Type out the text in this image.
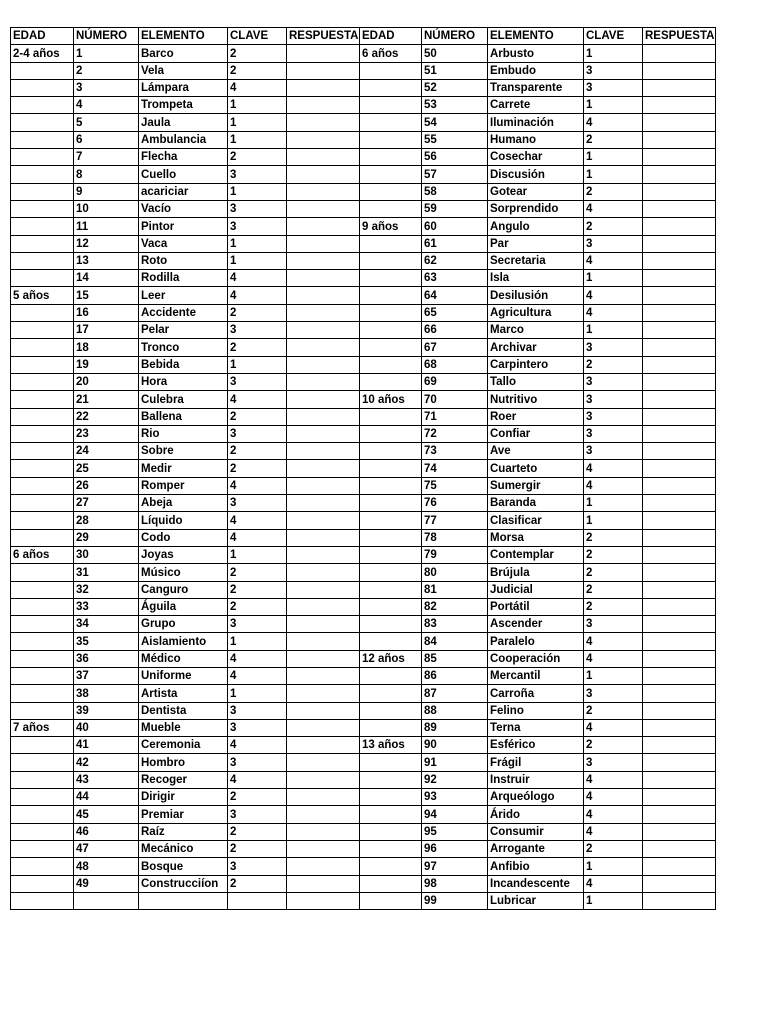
EDAD	NÚMERO	ELEMENTO	CLAVE	RESPUESTA	EDAD	NÚMERO	ELEMENTO	CLAVE	RESPUESTA
2-4 años	1	Barco	2		6 años	50	Arbusto	1	
	2	Vela	2			51	Embudo	3	
	3	Lámpara	4			52	Transparente	3	
	4	Trompeta	1			53	Carrete	1	
	5	Jaula	1			54	Iluminación	4	
	6	Ambulancia	1			55	Humano	2	
	7	Flecha	2			56	Cosechar	1	
	8	Cuello	3			57	Discusión	1	
	9	acariciar	1			58	Gotear	2	
	10	Vacío	3			59	Sorprendido	4	
	11	Pintor	3		9 años	60	Angulo	2	
	12	Vaca	1			61	Par	3	
	13	Roto	1			62	Secretaria	4	
	14	Rodilla	4			63	Isla	1	
5 años	15	Leer	4			64	Desilusión	4	
	16	Accidente	2			65	Agricultura	4	
	17	Pelar	3			66	Marco	1	
	18	Tronco	2			67	Archivar	3	
	19	Bebida	1			68	Carpintero	2	
	20	Hora	3			69	Tallo	3	
	21	Culebra	4		10 años	70	Nutritivo	3	
	22	Ballena	2			71	Roer	3	
	23	Rio	3			72	Confiar	3	
	24	Sobre	2			73	Ave	3	
	25	Medir	2			74	Cuarteto	4	
	26	Romper	4			75	Sumergir	4	
	27	Abeja	3			76	Baranda	1	
	28	Líquido	4			77	Clasificar	1	
	29	Codo	4			78	Morsa	2	
6 años	30	Joyas	1			79	Contemplar	2	
	31	Músico	2			80	Brújula	2	
	32	Canguro	2			81	Judicial	2	
	33	Águila	2			82	Portátil	2	
	34	Grupo	3			83	Ascender	3	
	35	Aislamiento	1			84	Paralelo	4	
	36	Médico	4		12 años	85	Cooperación	4	
	37	Uniforme	4			86	Mercantil	1	
	38	Artista	1			87	Carroña	3	
	39	Dentista	3			88	Felino	2	
7 años	40	Mueble	3			89	Terna	4	
	41	Ceremonia	4		13 años	90	Esférico	2	
	42	Hombro	3			91	Frágil	3	
	43	Recoger	4			92	Instruir	4	
	44	Dirigir	2			93	Arqueólogo	4	
	45	Premiar	3			94	Árido	4	
	46	Raíz	2			95	Consumir	4	
	47	Mecánico	2			96	Arrogante	2	
	48	Bosque	3			97	Anfibio	1	
	49	Construcciíon	2			98	Incandescente	4	
						99	Lubricar	1	
